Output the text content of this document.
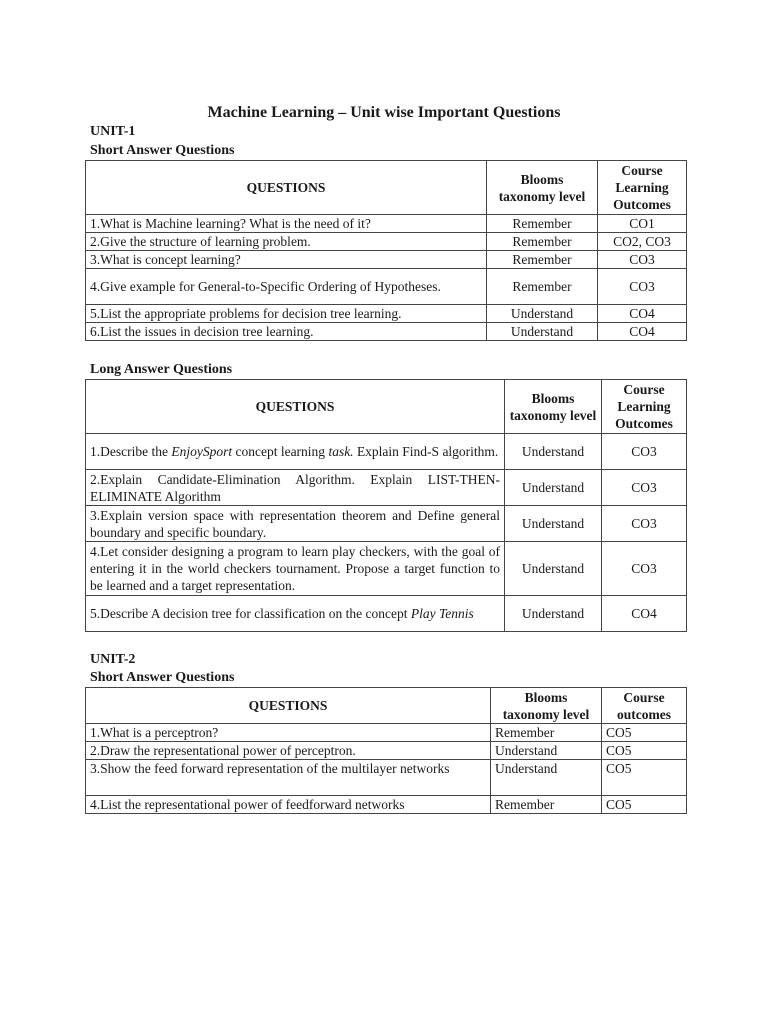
Machine Learning – Unit wise Important Questions
UNIT-1
Short Answer Questions
QUESTIONS	Blooms taxonomy level	Course Learning Outcomes
1.What is Machine learning? What is the need of it?	Remember	CO1
2.Give the structure of learning problem.	Remember	CO2, CO3
3.What is concept learning?	Remember	CO3
4.Give example for General-to-Specific Ordering of Hypotheses.	Remember	CO3
5.List the appropriate problems for decision tree learning.	Understand	CO4
6.List the issues in decision tree learning.	Understand	CO4
Long Answer Questions
QUESTIONS	Blooms taxonomy level	Course Learning Outcomes
1.Describe the EnjoySport concept learning task. Explain Find-S algorithm.	Understand	CO3
2.Explain Candidate-Elimination Algorithm. Explain LIST-THEN-ELIMINATE Algorithm	Understand	CO3
3.Explain version space with representation theorem and Define general boundary and specific boundary.	Understand	CO3
4.Let consider designing a program to learn play checkers, with the goal of entering it in the world checkers tournament. Propose a target function to be learned and a target representation.	Understand	CO3
5.Describe A decision tree for classification on the concept Play Tennis	Understand	CO4
UNIT-2
Short Answer Questions
QUESTIONS	Blooms taxonomy level	Course outcomes
1.What is a perceptron?	Remember	CO5
2.Draw the representational power of perceptron.	Understand	CO5
3.Show the feed forward representation of the multilayer networks	Understand	CO5
4.List the representational power of feedforward networks	Remember	CO5
